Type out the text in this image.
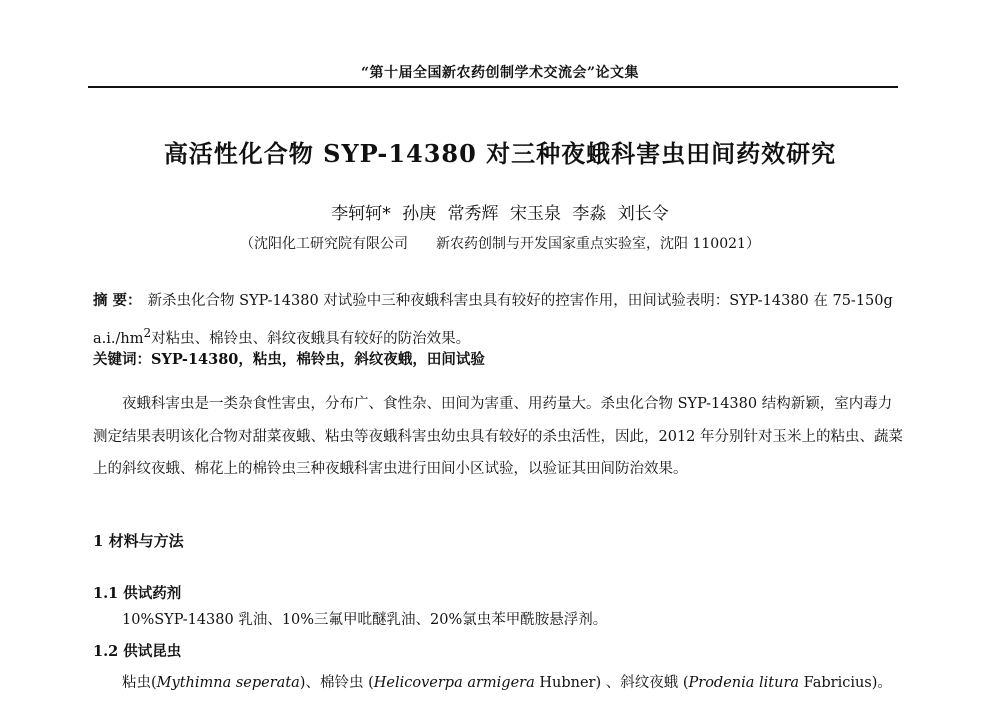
“第十届全国新农药创制学术交流会”论文集
高活性化合物 SYP-14380 对三种夜蛾科害虫田间药效研究
李轲轲* 孙庚 常秀辉 宋玉泉 李淼 刘长令
（沈阳化工研究院有限公司 新农药创制与开发国家重点实验室，沈阳 110021）
摘 要： 新杀虫化合物 SYP-14380 对试验中三种夜蛾科害虫具有较好的控害作用，田间试验表明：SYP-14380 在 75-150g $a.i./hm^2$对粘虫、棉铃虫、斜纹夜蛾具有较好的防治效果。
关键词：SYP-14380，粘虫，棉铃虫，斜纹夜蛾，田间试验
夜蛾科害虫是一类杂食性害虫，分布广、食性杂、田间为害重、用药量大。杀虫化合物 SYP-14380 结构新颖，室内毒力测定结果表明该化合物对甜菜夜蛾、粘虫等夜蛾科害虫幼虫具有较好的杀虫活性，因此，2012 年分别针对玉米上的粘虫、蔬菜上的斜纹夜蛾、棉花上的棉铃虫三种夜蛾科害虫进行田间小区试验，以验证其田间防治效果。
1 材料与方法
1.1 供试药剂
10%SYP-14380 乳油、10%三氟甲吡醚乳油、20%氯虫苯甲酰胺悬浮剂。
1.2 供试昆虫
粘虫(Mythimna seperata)、棉铃虫 (Helicoverpa armigera Hubner) 、斜纹夜蛾 (Prodenia litura Fabricius)。
